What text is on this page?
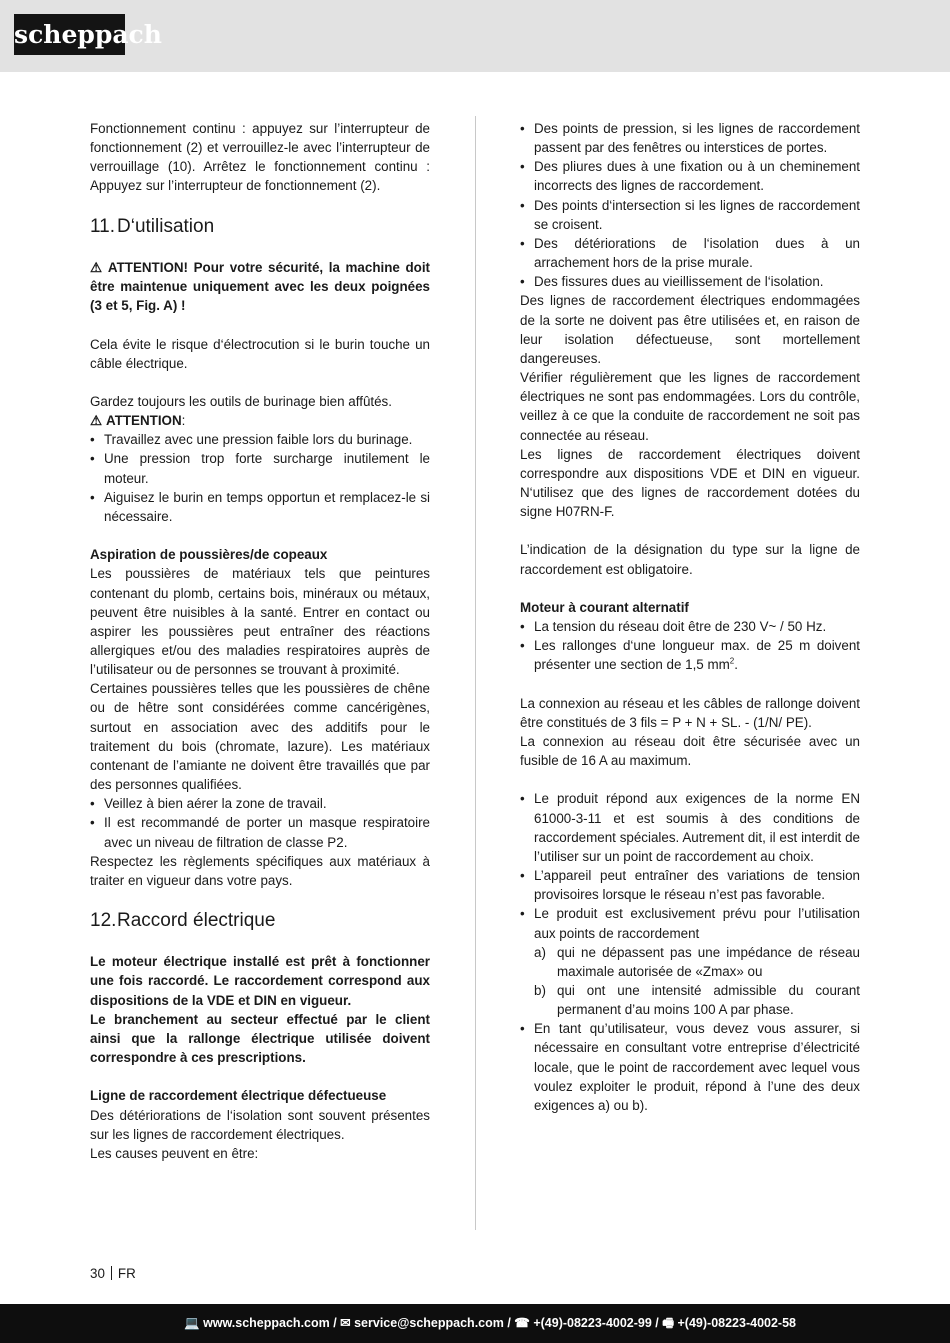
scheppach

Fonctionnement continu : appuyez sur l’interrupteur de fonctionnement (2) et verrouillez-le avec l’interrupteur de verrouillage (10). Arrêtez le fonctionnement continu : Appuyez sur l’interrupteur de fonctionnement (2).

11. D‘utilisation

⚠ ATTENTION! Pour votre sécurité, la machine doit être maintenue uniquement avec les deux poignées (3 et 5, Fig. A) !

Cela évite le risque d‘électrocution si le burin touche un câble électrique.

Gardez toujours les outils de burinage bien affûtés.

⚠ ATTENTION:

• Travaillez avec une pression faible lors du burinage.
• Une pression trop forte surcharge inutilement le moteur.
• Aiguisez le burin en temps opportun et remplacez-le si nécessaire.

Aspiration de poussières/de copeaux

Les poussières de matériaux tels que peintures contenant du plomb, certains bois, minéraux ou métaux, peuvent être nuisibles à la santé. Entrer en contact ou aspirer les poussières peut entraîner des réactions allergiques et/ou des maladies respiratoires auprès de l’utilisateur ou de personnes se trouvant à proximité.

Certaines poussières telles que les poussières de chêne ou de hêtre sont considérées comme cancérigènes, surtout en association avec des additifs pour le traitement du bois (chromate, lazure). Les matériaux contenant de l’amiante ne doivent être travaillés que par des personnes qualifiées.

• Veillez à bien aérer la zone de travail.
• Il est recommandé de porter un masque respiratoire avec un niveau de filtration de classe P2.

Respectez les règlements spécifiques aux matériaux à traiter en vigueur dans votre pays.

12.Raccord électrique

Le moteur électrique installé est prêt à fonctionner une fois raccordé. Le raccordement correspond aux dispositions de la VDE et DIN en vigueur.

Le branchement au secteur effectué par le client ainsi que la rallonge électrique utilisée doivent correspondre à ces prescriptions.

Ligne de raccordement électrique défectueuse

Des détériorations de l‘isolation sont souvent présentes sur les lignes de raccordement électriques.

Les causes peuvent en être:

• Des points de pression, si les lignes de raccordement passent par des fenêtres ou interstices de portes.
• Des pliures dues à une fixation ou à un cheminement incorrects des lignes de raccordement.
• Des points d‘intersection si les lignes de raccordement se croisent.
• Des détériorations de l‘isolation dues à un arrachement hors de la prise murale.
• Des fissures dues au vieillissement de l‘isolation.

Des lignes de raccordement électriques endommagées de la sorte ne doivent pas être utilisées et, en raison de leur isolation défectueuse, sont mortellement dangereuses.

Vérifier régulièrement que les lignes de raccordement électriques ne sont pas endommagées. Lors du contrôle, veillez à ce que la conduite de raccordement ne soit pas connectée au réseau.

Les lignes de raccordement électriques doivent correspondre aux dispositions VDE et DIN en vigueur. N‘utilisez que des lignes de raccordement dotées du signe H07RN-F.

L’indication de la désignation du type sur la ligne de raccordement est obligatoire.

Moteur à courant alternatif

• La tension du réseau doit être de 230 V~ / 50 Hz.
• Les rallonges d‘une longueur max. de 25 m doivent présenter une section de 1,5 $mm^2$.

La connexion au réseau et les câbles de rallonge doivent être constitués de 3 fils = P + N + SL. - (1/N/ PE).

La connexion au réseau doit être sécurisée avec un fusible de 16 A au maximum.

• Le produit répond aux exigences de la norme EN 61000-3-11 et est soumis à des conditions de raccordement spéciales. Autrement dit, il est interdit de l’utiliser sur un point de raccordement au choix.
• L’appareil peut entraîner des variations de tension provisoires lorsque le réseau n’est pas favorable.
• Le produit est exclusivement prévu pour l’utilisation aux points de raccordement
a) qui ne dépassent pas une impédance de réseau maximale autorisée de «Zmax» ou
b) qui ont une intensité admissible du courant permanent d’au moins 100 A par phase.
• En tant qu’utilisateur, vous devez vous assurer, si nécessaire en consultant votre entreprise d’électricité locale, que le point de raccordement avec lequel vous voulez exploiter le produit, répond à l’une des deux exigences a) ou b).
30 FR
💻 www.scheppach.com / ✉ service@scheppach.com / ☎ +(49)-08223-4002-99 / 🖷 +(49)-08223-4002-58
